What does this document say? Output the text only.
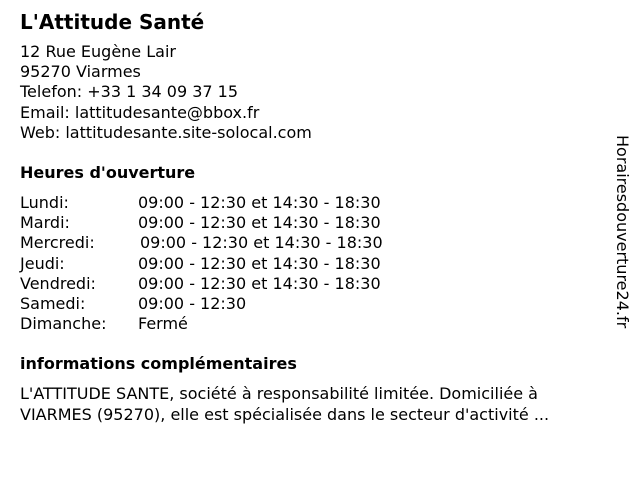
L'Attitude Santé
12 Rue Eugène Lair
95270 Viarmes
Telefon: +33 1 34 09 37 15
Email: lattitudesante@bbox.fr
Web: lattitudesante.site-solocal.com
Heures d'ouverture
Lundi:	09:00 - 12:30 et 14:30 - 18:30
Mardi:	09:00 - 12:30 et 14:30 - 18:30
Mercredi:	09:00 - 12:30 et 14:30 - 18:30
Jeudi:	09:00 - 12:30 et 14:30 - 18:30
Vendredi:	09:00 - 12:30 et 14:30 - 18:30
Samedi:	09:00 - 12:30
Dimanche: Fermé
informations complémentaires
L'ATTITUDE SANTE, société à responsabilité limitée. Domiciliée à
VIARMES (95270), elle est spécialisée dans le secteur d'activité ...
Horairesdouverture24.fr
